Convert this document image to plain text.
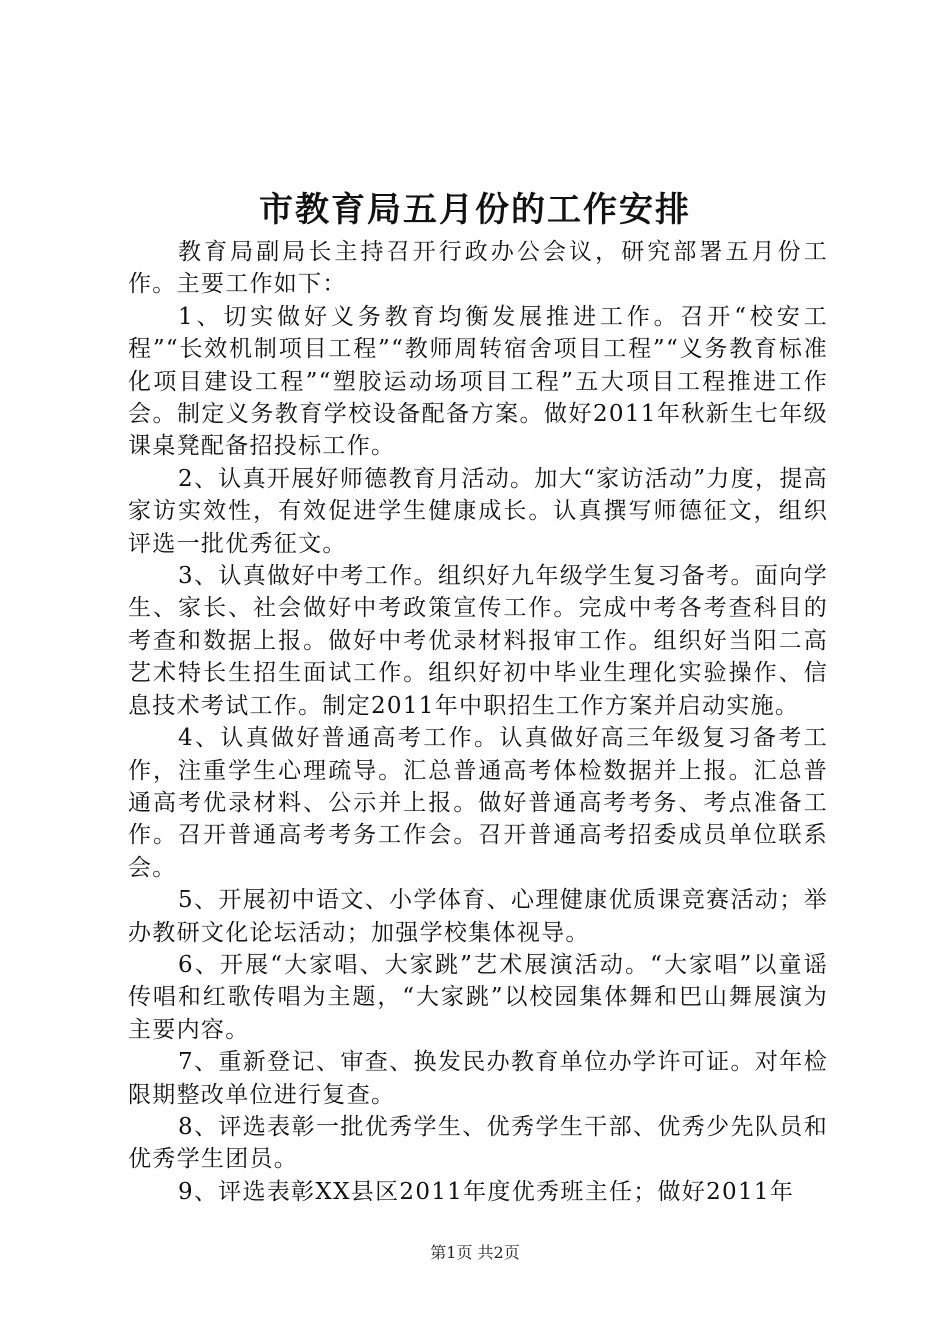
市教育局五月份的工作安排

教育局副局长主持召开行政办公会议，研究部署五月份工作。主要工作如下：

1、切实做好义务教育均衡发展推进工作。召开“校安工程”“长效机制项目工程”“教师周转宿舍项目工程”“义务教育标准化项目建设工程”“塑胶运动场项目工程”五大项目工程推进工作会。制定义务教育学校设备配备方案。做好2011年秋新生七年级课桌凳配备招投标工作。

2、认真开展好师德教育月活动。加大“家访活动”力度，提高家访实效性，有效促进学生健康成长。认真撰写师德征文，组织评选一批优秀征文。

3、认真做好中考工作。组织好九年级学生复习备考。面向学生、家长、社会做好中考政策宣传工作。完成中考各考查科目的考查和数据上报。做好中考优录材料报审工作。组织好当阳二高艺术特长生招生面试工作。组织好初中毕业生理化实验操作、信息技术考试工作。制定2011年中职招生工作方案并启动实施。

4、认真做好普通高考工作。认真做好高三年级复习备考工作，注重学生心理疏导。汇总普通高考体检数据并上报。汇总普通高考优录材料、公示并上报。做好普通高考考务、考点准备工作。召开普通高考考务工作会。召开普通高考招委成员单位联系会。

5、开展初中语文、小学体育、心理健康优质课竞赛活动；举办教研文化论坛活动；加强学校集体视导。

6、开展“大家唱、大家跳”艺术展演活动。“大家唱”以童谣传唱和红歌传唱为主题，“大家跳”以校园集体舞和巴山舞展演为主要内容。

7、重新登记、审查、换发民办教育单位办学许可证。对年检限期整改单位进行复查。

8、评选表彰一批优秀学生、优秀学生干部、优秀少先队员和优秀学生团员。

9、评选表彰XX县区2011年度优秀班主任；做好2011年

第1页 共2页
